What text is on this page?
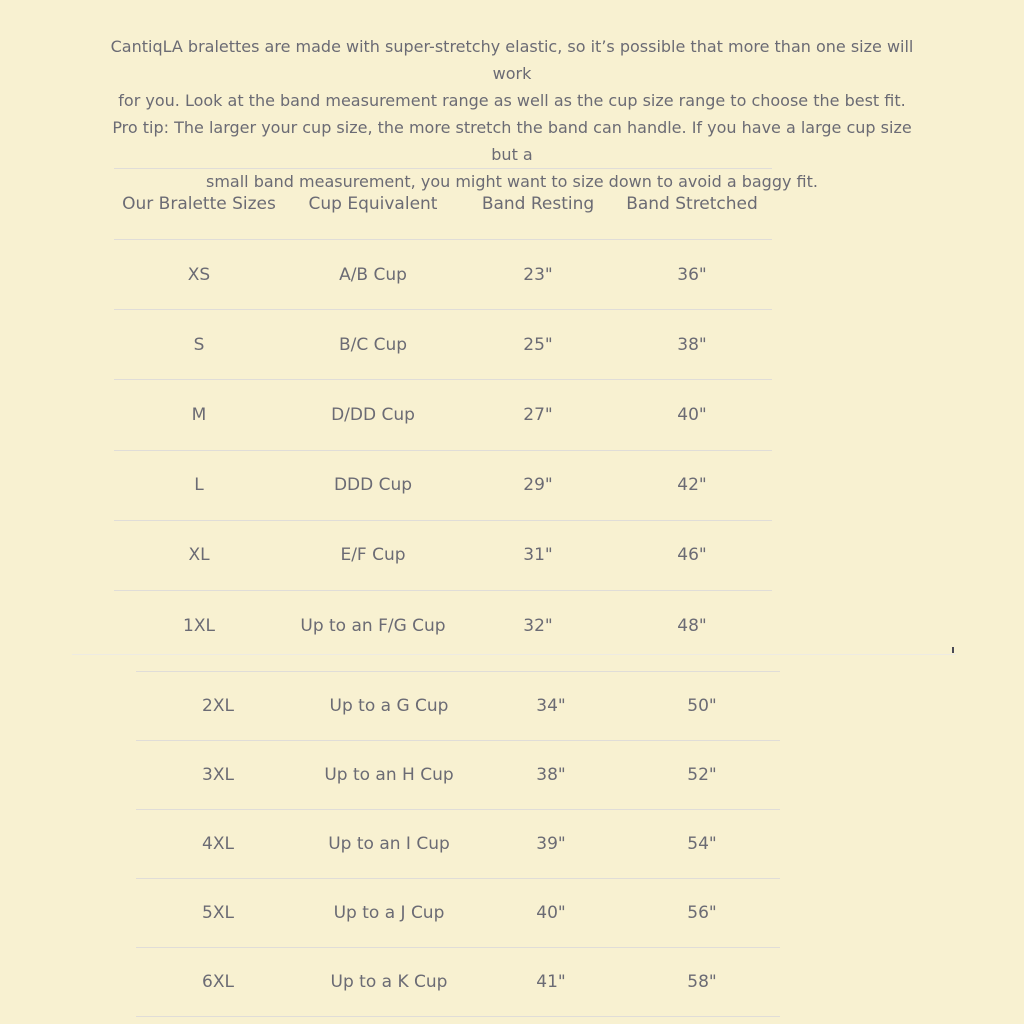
CantiqLA bralettes are made with super-stretchy elastic, so it’s possible that more than one size will work

for you. Look at the band measurement range as well as the cup size range to choose the best fit.

Pro tip: The larger your cup size, the more stretch the band can handle. If you have a large cup size but a

small band measurement, you might want to size down to avoid a baggy fit.

Our Bralette Sizes	Cup Equivalent	Band Resting	Band Stretched
XS	A/B Cup	23"	36"
S	B/C Cup	25"	38"
M	D/DD Cup	27"	40"
L	DDD Cup	29"	42"
XL	E/F Cup	31"	46"
1XL	Up to an F/G Cup	32"	48"
2XL	Up to a G Cup	34"	50"
3XL	Up to an H Cup	38"	52"
4XL	Up to an I Cup	39"	54"
5XL	Up to a J Cup	40"	56"
6XL	Up to a K Cup	41"	58"
